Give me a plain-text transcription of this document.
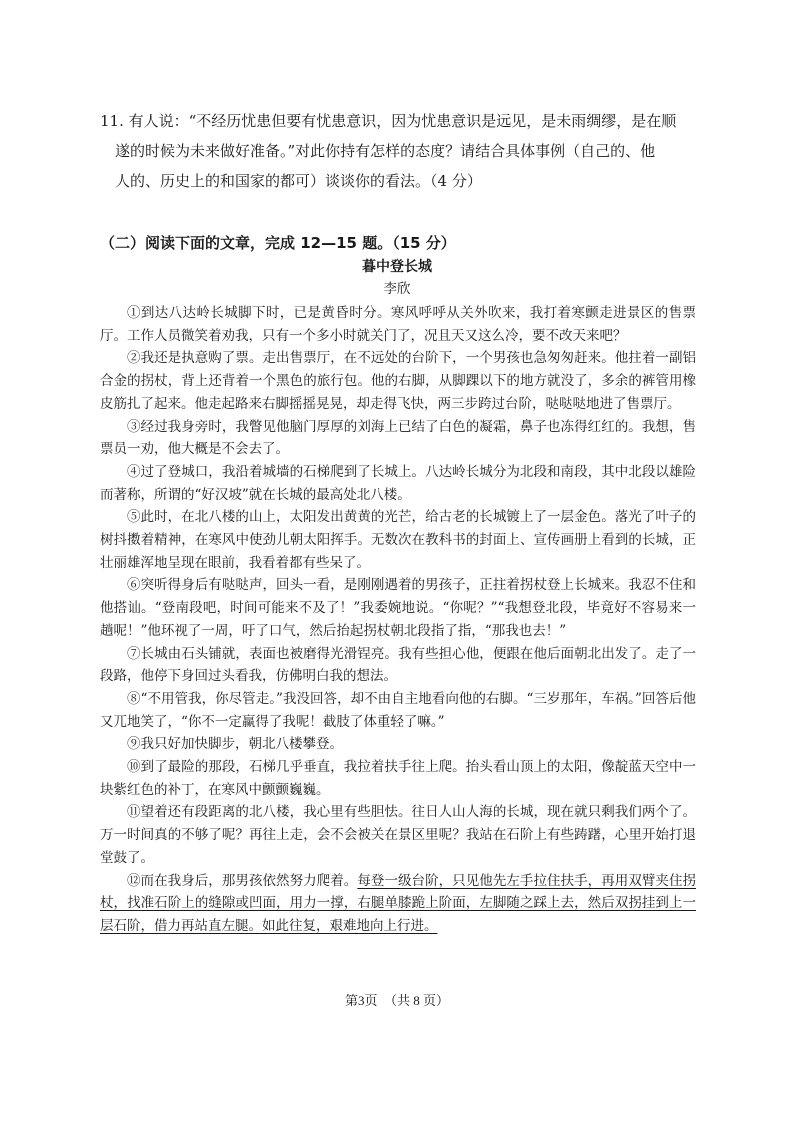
11. 有人说：“不经历忧患但要有忧患意识，因为忧患意识是远见，是未雨绸缪，是在顺
遂的时候为未来做好准备。”对此你持有怎样的态度？请结合具体事例（自己的、他
人的、历史上的和国家的都可）谈谈你的看法。（4 分）
（二）阅读下面的文章，完成 12—15 题。（15 分）
暮中登长城
李欣

①到达八达岭长城脚下时，已是黄昏时分。寒风呼呼从关外吹来，我打着寒颤走进景区的售票厅。工作人员微笑着劝我，只有一个多小时就关门了，况且天又这么冷，要不改天来吧？

②我还是执意购了票。走出售票厅，在不远处的台阶下，一个男孩也急匆匆赶来。他拄着一副铝合金的拐杖，背上还背着一个黑色的旅行包。他的右脚，从脚踝以下的地方就没了，多余的裤管用橡皮筋扎了起来。他走起路来右脚摇摇晃晃，却走得飞快，两三步跨过台阶，哒哒哒地进了售票厅。

③经过我身旁时，我瞥见他脑门厚厚的刘海上已结了白色的凝霜，鼻子也冻得红红的。我想，售票员一劝，他大概是不会去了。

④过了登城口，我沿着城墙的石梯爬到了长城上。八达岭长城分为北段和南段，其中北段以雄险而著称，所谓的“好汉坡”就在长城的最高处北八楼。

⑤此时，在北八楼的山上，太阳发出黄黄的光芒，给古老的长城镀上了一层金色。落光了叶子的树抖擞着精神，在寒风中使劲儿朝太阳挥手。无数次在教科书的封面上、宣传画册上看到的长城，正壮丽雄浑地呈现在眼前，我看着都有些呆了。

⑥突听得身后有哒哒声，回头一看，是刚刚遇着的男孩子，正拄着拐杖登上长城来。我忍不住和他搭讪。“登南段吧，时间可能来不及了！”我委婉地说。“你呢？”“我想登北段，毕竟好不容易来一趟呢！”他环视了一周，吁了口气，然后抬起拐杖朝北段指了指，“那我也去！”

⑦长城由石头铺就，表面也被磨得光滑锃亮。我有些担心他，便跟在他后面朝北出发了。走了一段路，他停下身回过头看我，仿佛明白我的想法。

⑧“不用管我，你尽管走。”我没回答，却不由自主地看向他的右脚。“三岁那年，车祸。”回答后他又兀地笑了，“你不一定赢得了我呢！截肢了体重轻了嘛。”

⑨我只好加快脚步，朝北八楼攀登。

⑩到了最险的那段，石梯几乎垂直，我拉着扶手往上爬。抬头看山顶上的太阳，像靛蓝天空中一块紫红色的补丁，在寒风中颤颤巍巍。

⑪望着还有段距离的北八楼，我心里有些胆怯。往日人山人海的长城，现在就只剩我们两个了。万一时间真的不够了呢？再往上走，会不会被关在景区里呢？我站在石阶上有些踌躇，心里开始打退堂鼓了。

⑫而在我身后，那男孩依然努力爬着。每登一级台阶，只见他先左手拉住扶手，再用双臂夹住拐杖，找准石阶上的缝隙或凹面，用力一撑，右腿单膝跪上阶面，左脚随之踩上去，然后双拐挂到上一层石阶，借力再站直左腿。如此往复，艰难地向上行进。

第3页　（共 8 页）
